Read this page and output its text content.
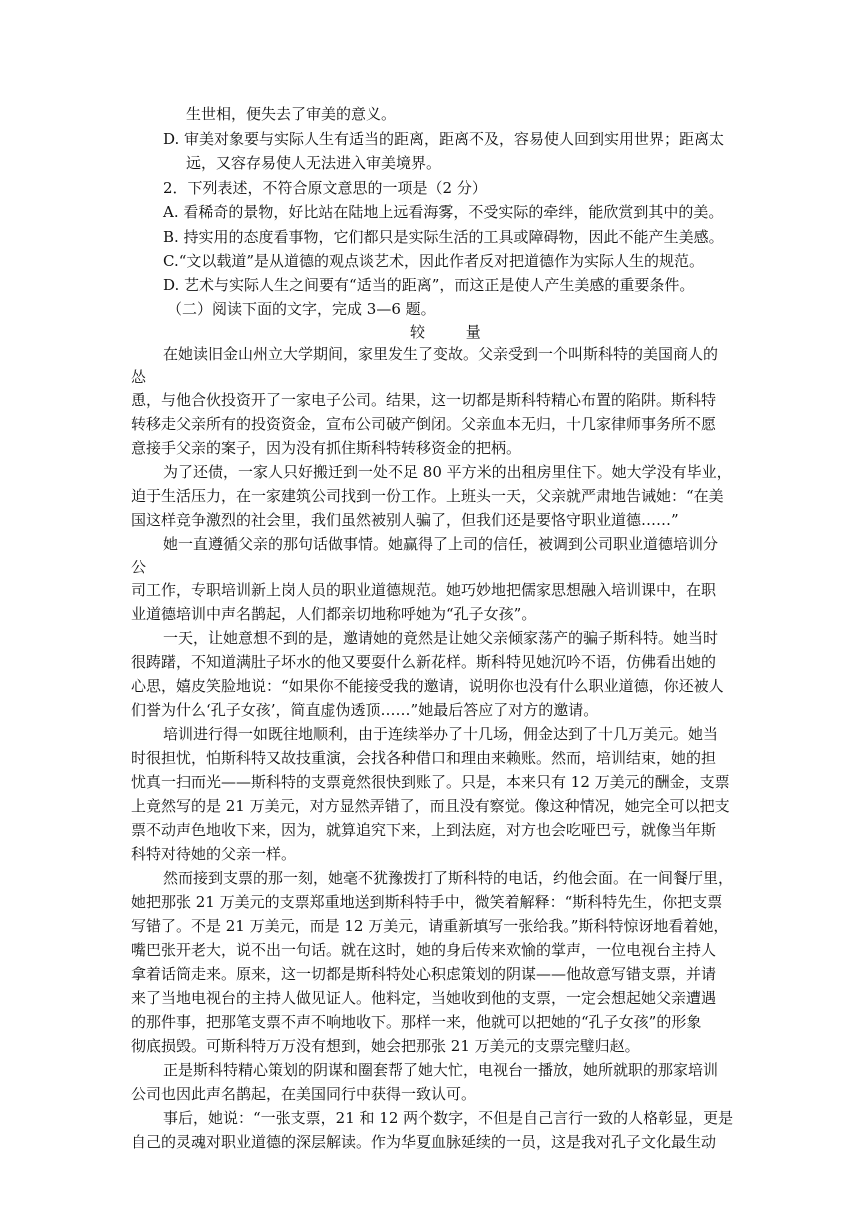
生世相，便失去了审美的意义。
D. 审美对象要与实际人生有适当的距离，距离不及，容易使人回到实用世界；距离太
远，又容存易使人无法进入审美境界。
2．下列表述，不符合原文意思的一项是（2 分）
A. 看稀奇的景物，好比站在陆地上远看海雾，不受实际的牵绊，能欣赏到其中的美。
B. 持实用的态度看事物，它们都只是实际生活的工具或障碍物，因此不能产生美感。
C.“文以载道”是从道德的观点谈艺术，因此作者反对把道德作为实际人生的规范。
D. 艺术与实际人生之间要有“适当的距离”，而这正是使人产生美感的重要条件。
（二）阅读下面的文字，完成 3—6 题。
较 量
在她读旧金山州立大学期间，家里发生了变故。父亲受到一个叫斯科特的美国商人的
怂
恿，与他合伙投资开了一家电子公司。结果，这一切都是斯科特精心布置的陷阱。斯科特
转移走父亲所有的投资资金，宣布公司破产倒闭。父亲血本无归，十几家律师事务所不愿
意接手父亲的案子，因为没有抓住斯科特转移资金的把柄。
为了还债，一家人只好搬迁到一处不足 80 平方米的出租房里住下。她大学没有毕业，
迫于生活压力，在一家建筑公司找到一份工作。上班头一天，父亲就严肃地告诫她：“在美
国这样竞争激烈的社会里，我们虽然被别人骗了，但我们还是要恪守职业道德……”
她一直遵循父亲的那句话做事情。她赢得了上司的信任，被调到公司职业道德培训分
公
司工作，专职培训新上岗人员的职业道德规范。她巧妙地把儒家思想融入培训课中，在职
业道德培训中声名鹊起，人们都亲切地称呼她为“孔子女孩”。
一天，让她意想不到的是，邀请她的竟然是让她父亲倾家荡产的骗子斯科特。她当时
很踌躇，不知道满肚子坏水的他又要耍什么新花样。斯科特见她沉吟不语，仿佛看出她的
心思，嬉皮笑脸地说：“如果你不能接受我的邀请，说明你也没有什么职业道德，你还被人
们誉为什么‘孔子女孩’，简直虚伪透顶……”她最后答应了对方的邀请。
培训进行得一如既往地顺利，由于连续举办了十几场，佣金达到了十几万美元。她当
时很担忧，怕斯科特又故技重演，会找各种借口和理由来赖账。然而，培训结束，她的担
忧真一扫而光——斯科特的支票竟然很快到账了。只是，本来只有 12 万美元的酬金，支票
上竟然写的是 21 万美元，对方显然弄错了，而且没有察觉。像这种情况，她完全可以把支
票不动声色地收下来，因为，就算追究下来，上到法庭，对方也会吃哑巴亏，就像当年斯
科特对待她的父亲一样。
然而接到支票的那一刻，她毫不犹豫拨打了斯科特的电话，约他会面。在一间餐厅里，
她把那张 21 万美元的支票郑重地送到斯科特手中，微笑着解释：“斯科特先生，你把支票
写错了。不是 21 万美元，而是 12 万美元，请重新填写一张给我。”斯科特惊讶地看着她，
嘴巴张开老大，说不出一句话。就在这时，她的身后传来欢愉的掌声，一位电视台主持人
拿着话筒走来。原来，这一切都是斯科特处心积虑策划的阴谋——他故意写错支票，并请
来了当地电视台的主持人做见证人。他料定，当她收到他的支票，一定会想起她父亲遭遇
的那件事，把那笔支票不声不响地收下。那样一来，他就可以把她的“孔子女孩”的形象
彻底损毁。可斯科特万万没有想到，她会把那张 21 万美元的支票完璧归赵。
正是斯科特精心策划的阴谋和圈套帮了她大忙，电视台一播放，她所就职的那家培训
公司也因此声名鹊起，在美国同行中获得一致认可。
事后，她说：“一张支票，21 和 12 两个数字，不但是自己言行一致的人格彰显，更是
自己的灵魂对职业道德的深层解读。作为华夏血脉延续的一员，这是我对孔子文化最生动
